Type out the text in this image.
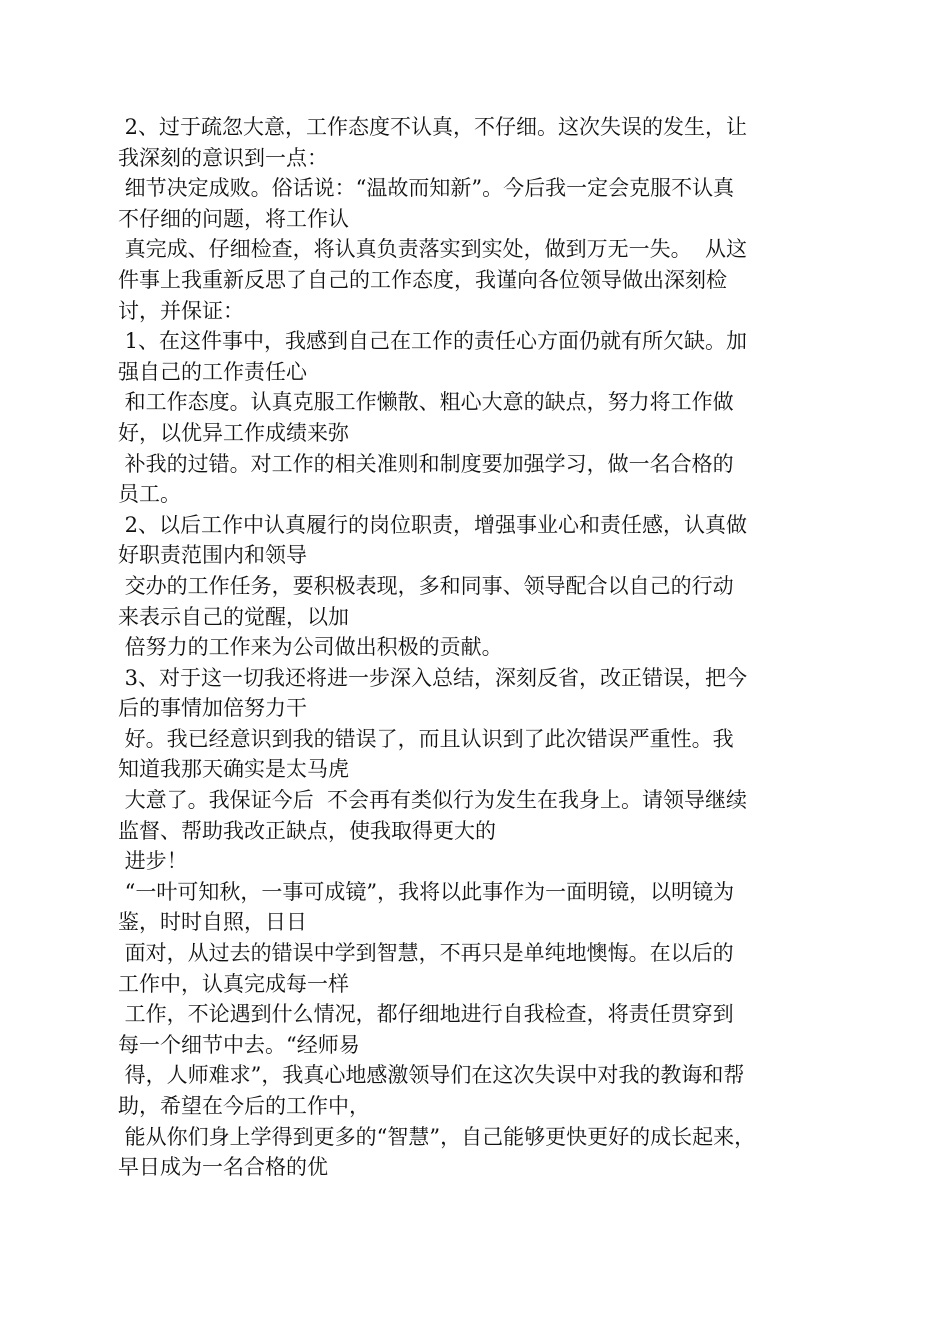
2、过于疏忽大意，工作态度不认真，不仔细。这次失误的发生，让
我深刻的意识到一点：
细节决定成败。俗话说：“温故而知新”。今后我一定会克服不认真
不仔细的问题，将工作认
真完成、仔细检查，将认真负责落实到实处，做到万无一失。  从这
件事上我重新反思了自己的工作态度，我谨向各位领导做出深刻检
讨，并保证：
1、在这件事中，我感到自己在工作的责任心方面仍就有所欠缺。加
强自己的工作责任心
和工作态度。认真克服工作懒散、粗心大意的缺点，努力将工作做
好，以优异工作成绩来弥
补我的过错。对工作的相关准则和制度要加强学习，做一名合格的
员工。
2、以后工作中认真履行的岗位职责，增强事业心和责任感，认真做
好职责范围内和领导
交办的工作任务，要积极表现，多和同事、领导配合以自己的行动
来表示自己的觉醒，以加
倍努力的工作来为公司做出积极的贡献。
3、对于这一切我还将进一步深入总结，深刻反省，改正错误，把今
后的事情加倍努力干
好。我已经意识到我的错误了，而且认识到了此次错误严重性。我
知道我那天确实是太马虎
大意了。我保证今后  不会再有类似行为发生在我身上。请领导继续
监督、帮助我改正缺点，使我取得更大的
进步！
“一叶可知秋，一事可成镜”，我将以此事作为一面明镜，以明镜为
鉴，时时自照，日日
面对，从过去的错误中学到智慧，不再只是单纯地懊悔。在以后的
工作中，认真完成每一样
工作，不论遇到什么情况，都仔细地进行自我检查，将责任贯穿到
每一个细节中去。“经师易
得，人师难求”，我真心地感激领导们在这次失误中对我的教诲和帮
助，希望在今后的工作中，
能从你们身上学得到更多的“智慧”，自己能够更快更好的成长起来，
早日成为一名合格的优
